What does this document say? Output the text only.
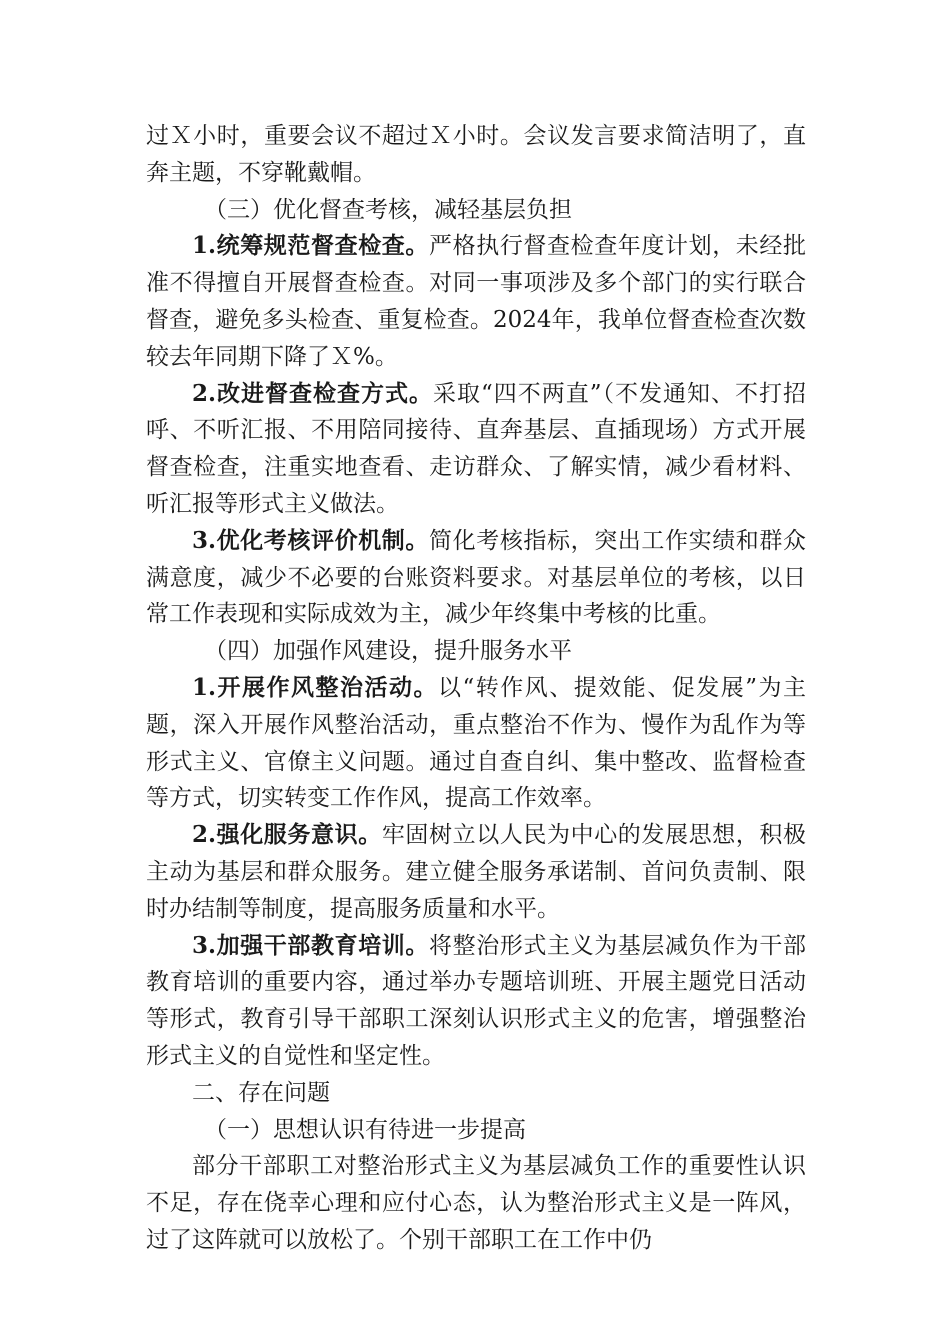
过Ｘ小时，重要会议不超过Ｘ小时。会议发言要求简洁明了，直奔主题，不穿靴戴帽。

（三）优化督查考核，减轻基层负担

1.统筹规范督查检查。严格执行督查检查年度计划，未经批准不得擅自开展督查检查。对同一事项涉及多个部门的实行联合督查，避免多头检查、重复检查。2024年，我单位督查检查次数较去年同期下降了Ｘ%。

2.改进督查检查方式。采取“四不两直”（不发通知、不打招呼、不听汇报、不用陪同接待、直奔基层、直插现场）方式开展督查检查，注重实地查看、走访群众、了解实情，减少看材料、听汇报等形式主义做法。

3.优化考核评价机制。简化考核指标，突出工作实绩和群众满意度，减少不必要的台账资料要求。对基层单位的考核，以日常工作表现和实际成效为主，减少年终集中考核的比重。

（四）加强作风建设，提升服务水平

1.开展作风整治活动。以“转作风、提效能、促发展”为主题，深入开展作风整治活动，重点整治不作为、慢作为乱作为等形式主义、官僚主义问题。通过自查自纠、集中整改、监督检查等方式，切实转变工作作风，提高工作效率。

2.强化服务意识。牢固树立以人民为中心的发展思想，积极主动为基层和群众服务。建立健全服务承诺制、首问负责制、限时办结制等制度，提高服务质量和水平。

3.加强干部教育培训。将整治形式主义为基层减负作为干部教育培训的重要内容，通过举办专题培训班、开展主题党日活动等形式，教育引导干部职工深刻认识形式主义的危害，增强整治形式主义的自觉性和坚定性。

二、存在问题

（一）思想认识有待进一步提高

部分干部职工对整治形式主义为基层减负工作的重要性认识不足，存在侥幸心理和应付心态，认为整治形式主义是一阵风，过了这阵就可以放松了。个别干部职工在工作中仍
